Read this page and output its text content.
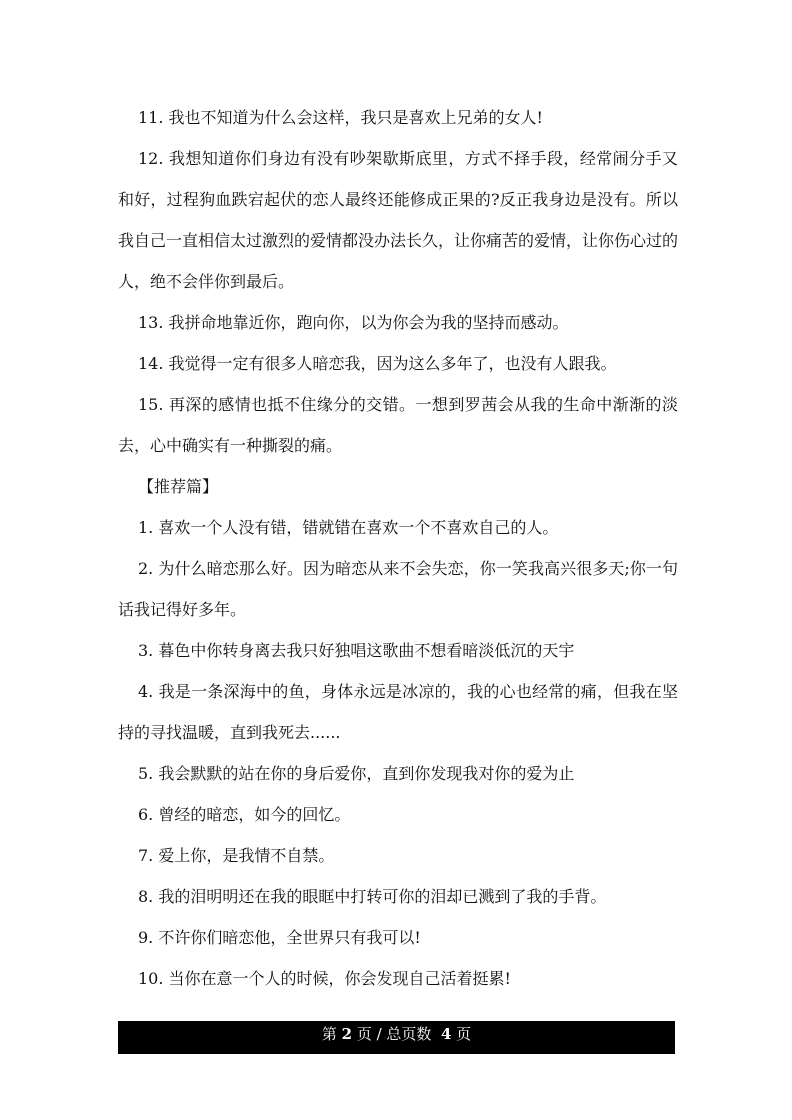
11. 我也不知道为什么会这样，我只是喜欢上兄弟的女人!

12. 我想知道你们身边有没有吵架歇斯底里，方式不择手段，经常闹分手又和好，过程狗血跌宕起伏的恋人最终还能修成正果的?反正我身边是没有。所以我自己一直相信太过激烈的爱情都没办法长久，让你痛苦的爱情，让你伤心过的人，绝不会伴你到最后。

13. 我拼命地靠近你，跑向你，以为你会为我的坚持而感动。

14. 我觉得一定有很多人暗恋我，因为这么多年了，也没有人跟我。

15. 再深的感情也抵不住缘分的交错。一想到罗茜会从我的生命中渐渐的淡去，心中确实有一种撕裂的痛。

【推荐篇】

1. 喜欢一个人没有错，错就错在喜欢一个不喜欢自己的人。

2. 为什么暗恋那么好。因为暗恋从来不会失恋，你一笑我高兴很多天;你一句话我记得好多年。

3. 暮色中你转身离去我只好独唱这歌曲不想看暗淡低沉的天宇

4. 我是一条深海中的鱼，身体永远是冰凉的，我的心也经常的痛，但我在坚持的寻找温暖，直到我死去......

5. 我会默默的站在你的身后爱你，直到你发现我对你的爱为止

6. 曾经的暗恋，如今的回忆。

7. 爱上你，是我情不自禁。

8. 我的泪明明还在我的眼眶中打转可你的泪却已溅到了我的手背。

9. 不许你们暗恋他，全世界只有我可以!

10. 当你在意一个人的时候，你会发现自己活着挺累!

第 2 页 / 总页数  4 页
